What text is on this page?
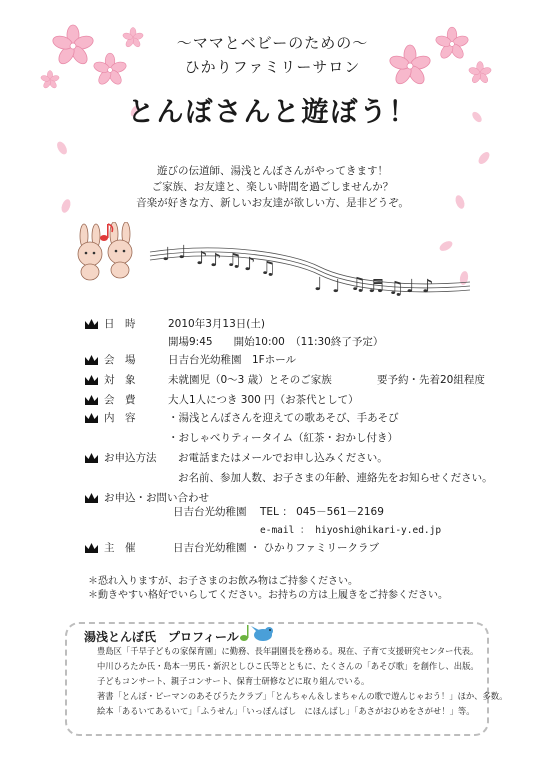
〜ママとベビーのための〜
ひかりファミリーサロン
とんぼさんと遊ぼう！
遊びの伝道師、湯浅とんぼさんがやってきます！
ご家族、お友達と、楽しい時間を過ごしませんか？
音楽が好きな方、新しいお友達が欲しい方、是非どうぞ。
♩ ♩ ♪ ♪ ♫ ♪ ♫
♩ ♩ ♫ ♬ ♫ ♩ ♪
日　時	2010年3月13日(土)
開場9:45　　開始10:00　（11:30終了予定）
会　場	日吉台光幼稚園　1Fホール
対　象	未就園児（0～3 歳）とそのご家族	要予約・先着20組程度
会　費	大人1人につき 300 円（お茶代として）
内　容	・湯浅とんぼさんを迎えての歌あそび、手あそび
・おしゃべりティータイム（紅茶・おかし付き）
お申込方法 お電話またはメールでお申し込みください。
お名前、参加人数、お子さまの年齢、連絡先をお知らせください。
お申込・お問い合わせ
日吉台光幼稚園 TEL ： 045－561－2169
e-mail ： hiyoshi@hikari-y.ed.jp
主　催	日吉台光幼稚園 ・ ひかりファミリークラブ
＊恐れ入りますが、お子さまのお飲み物はご持参ください。
＊動きやすい格好でいらしてください。お持ちの方は上履きをご持参ください。
湯浅とんぼ氏　プロフィール
豊島区「千早子どもの家保育園」に勤務、長年副園長を務める。現在、子育て支援研究センター代表。
中川ひろたか氏・島本一男氏・新沢としひこ氏等とともに、たくさんの「あそび歌」を創作し、出版。
子どもコンサート、親子コンサート、保育士研修などに取り組んでいる。
著書「とんぼ・ピーマンのあそびうたクラブ」「とんちゃん＆しまちゃんの歌で遊んじゃおう！」ほか、多数。
絵本「あるいてあるいて」「ふうせん」「いっぽんばし　にほんばし」「あさがおひめをさがせ！」等。
